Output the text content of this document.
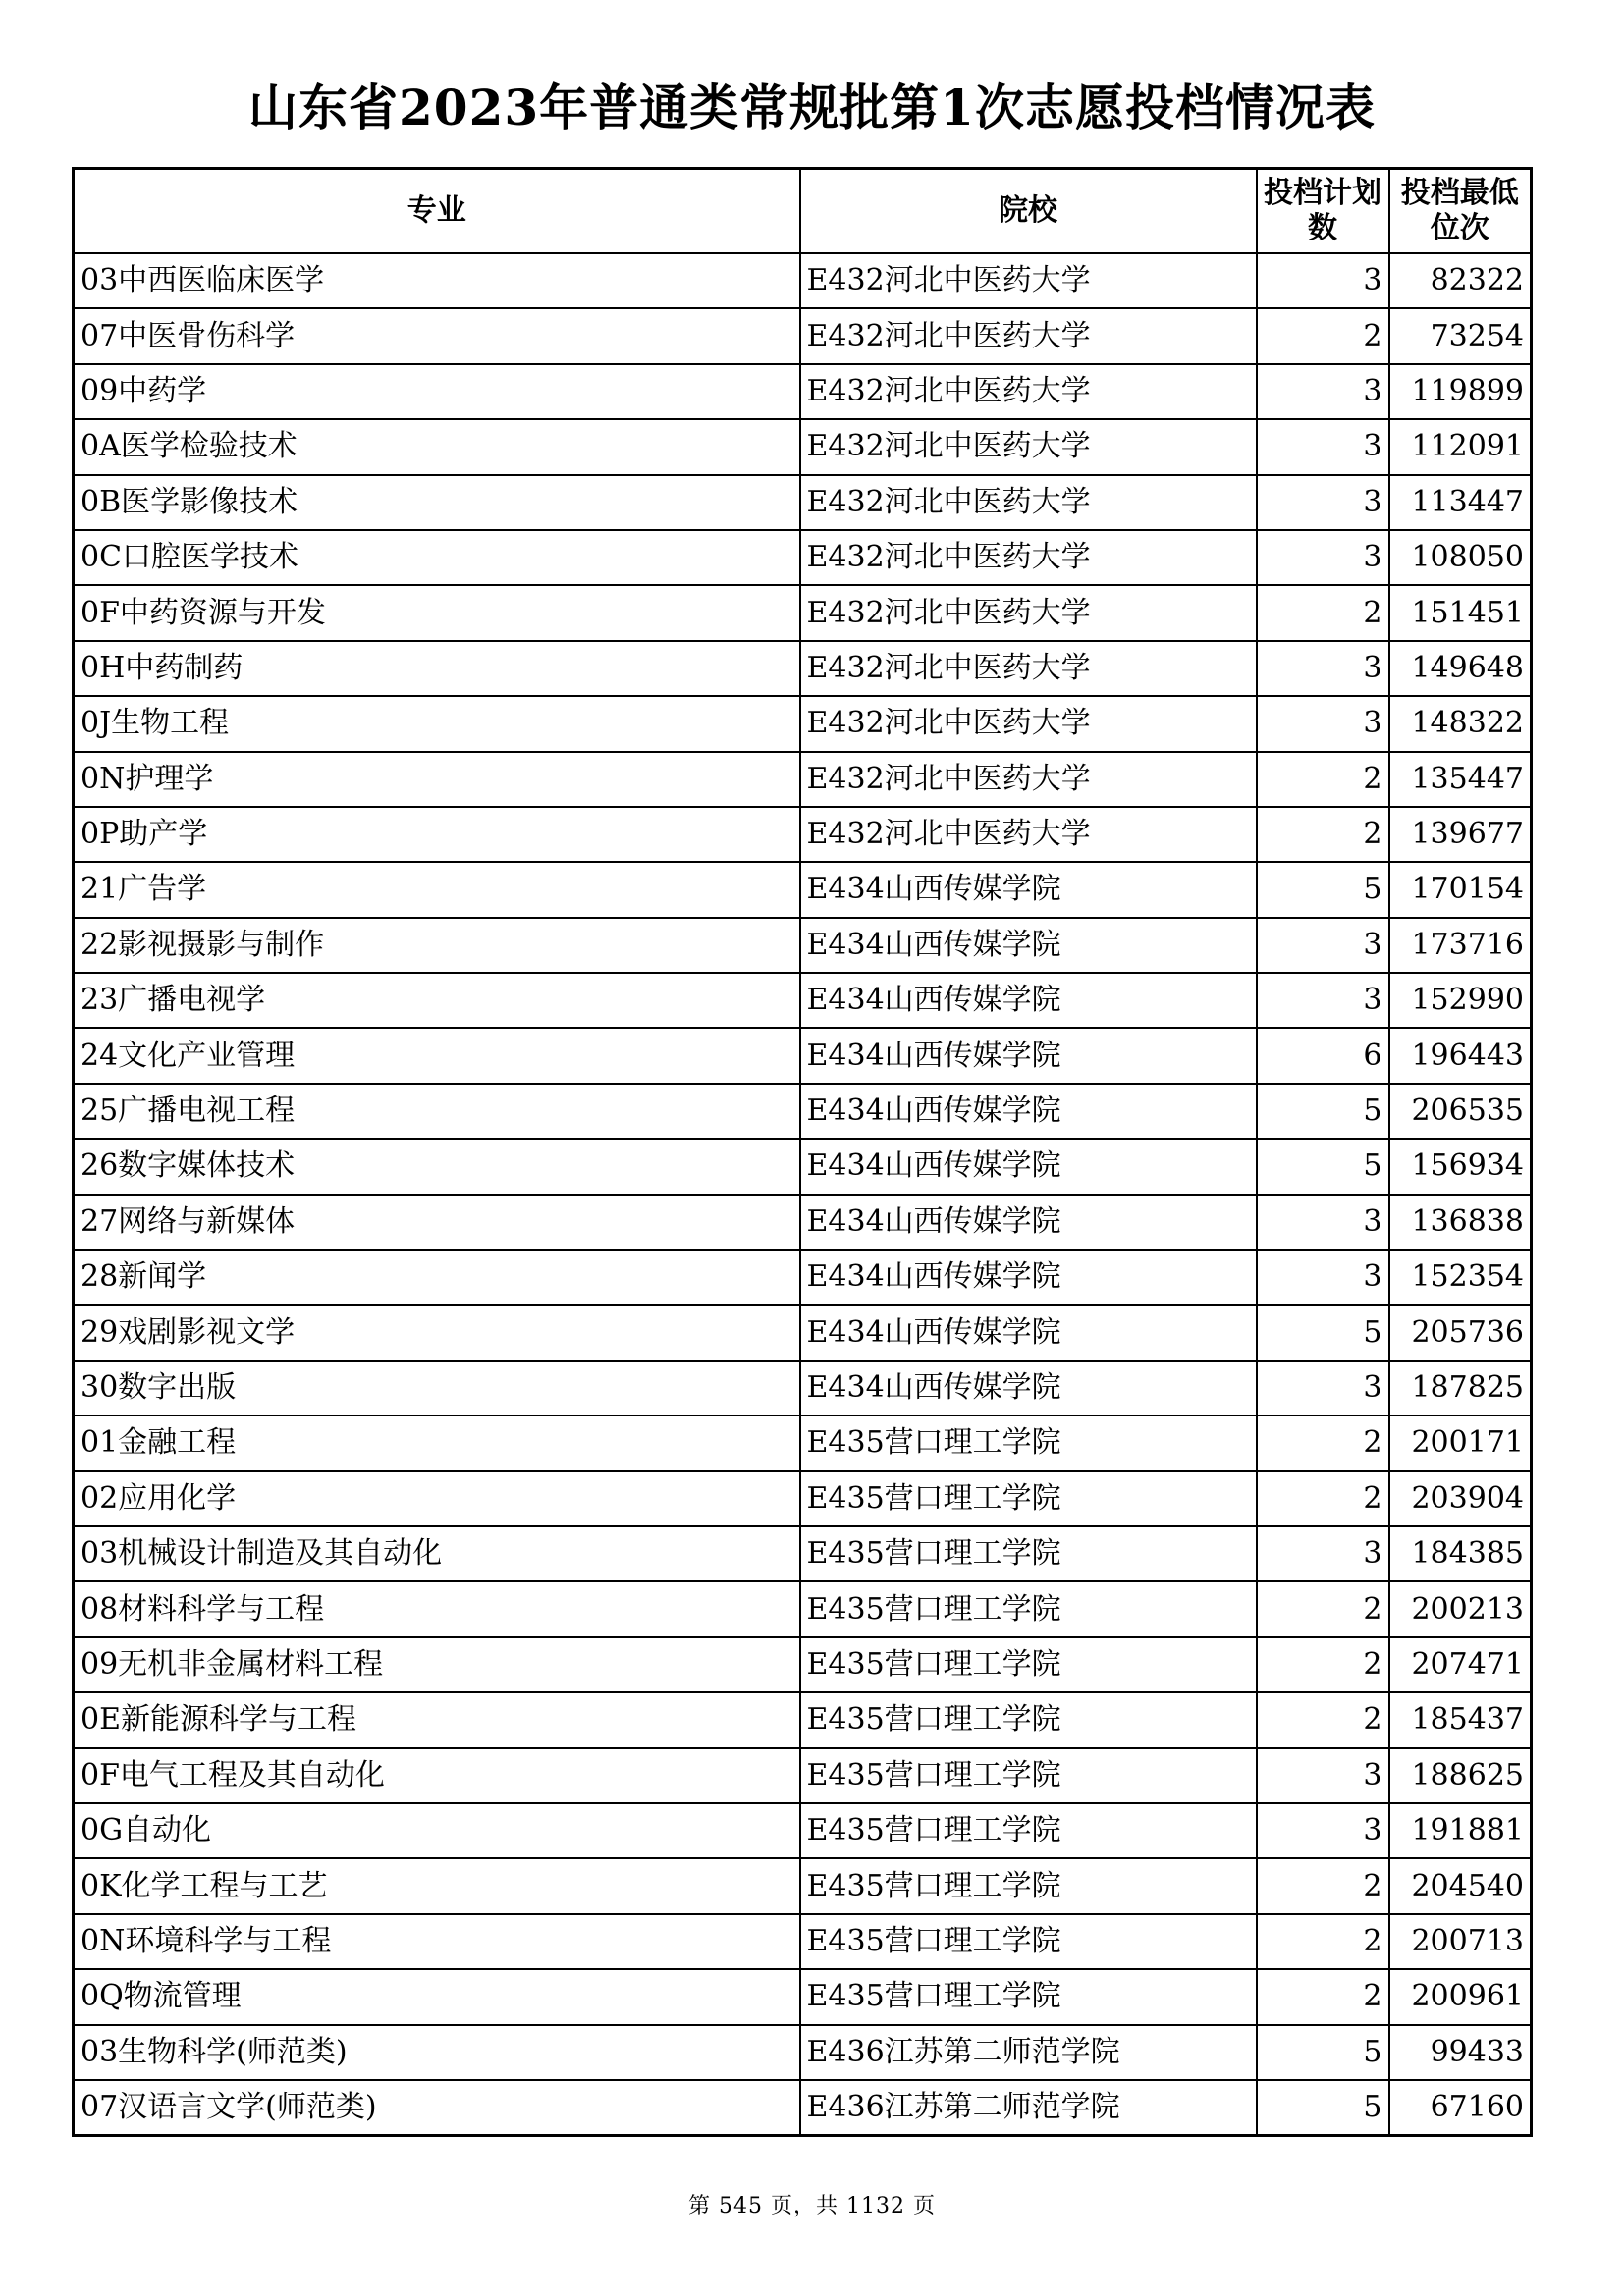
山东省2023年普通类常规批第1次志愿投档情况表
专业	院校	投档计划数	投档最低位次
03中西医临床医学	E432河北中医药大学	3	82322
07中医骨伤科学	E432河北中医药大学	2	73254
09中药学	E432河北中医药大学	3	119899
0A医学检验技术	E432河北中医药大学	3	112091
0B医学影像技术	E432河北中医药大学	3	113447
0C口腔医学技术	E432河北中医药大学	3	108050
0F中药资源与开发	E432河北中医药大学	2	151451
0H中药制药	E432河北中医药大学	3	149648
0J生物工程	E432河北中医药大学	3	148322
0N护理学	E432河北中医药大学	2	135447
0P助产学	E432河北中医药大学	2	139677
21广告学	E434山西传媒学院	5	170154
22影视摄影与制作	E434山西传媒学院	3	173716
23广播电视学	E434山西传媒学院	3	152990
24文化产业管理	E434山西传媒学院	6	196443
25广播电视工程	E434山西传媒学院	5	206535
26数字媒体技术	E434山西传媒学院	5	156934
27网络与新媒体	E434山西传媒学院	3	136838
28新闻学	E434山西传媒学院	3	152354
29戏剧影视文学	E434山西传媒学院	5	205736
30数字出版	E434山西传媒学院	3	187825
01金融工程	E435营口理工学院	2	200171
02应用化学	E435营口理工学院	2	203904
03机械设计制造及其自动化	E435营口理工学院	3	184385
08材料科学与工程	E435营口理工学院	2	200213
09无机非金属材料工程	E435营口理工学院	2	207471
0E新能源科学与工程	E435营口理工学院	2	185437
0F电气工程及其自动化	E435营口理工学院	3	188625
0G自动化	E435营口理工学院	3	191881
0K化学工程与工艺	E435营口理工学院	2	204540
0N环境科学与工程	E435营口理工学院	2	200713
0Q物流管理	E435营口理工学院	2	200961
03生物科学(师范类)	E436江苏第二师范学院	5	99433
07汉语言文学(师范类)	E436江苏第二师范学院	5	67160
第 545 页，共 1132 页
